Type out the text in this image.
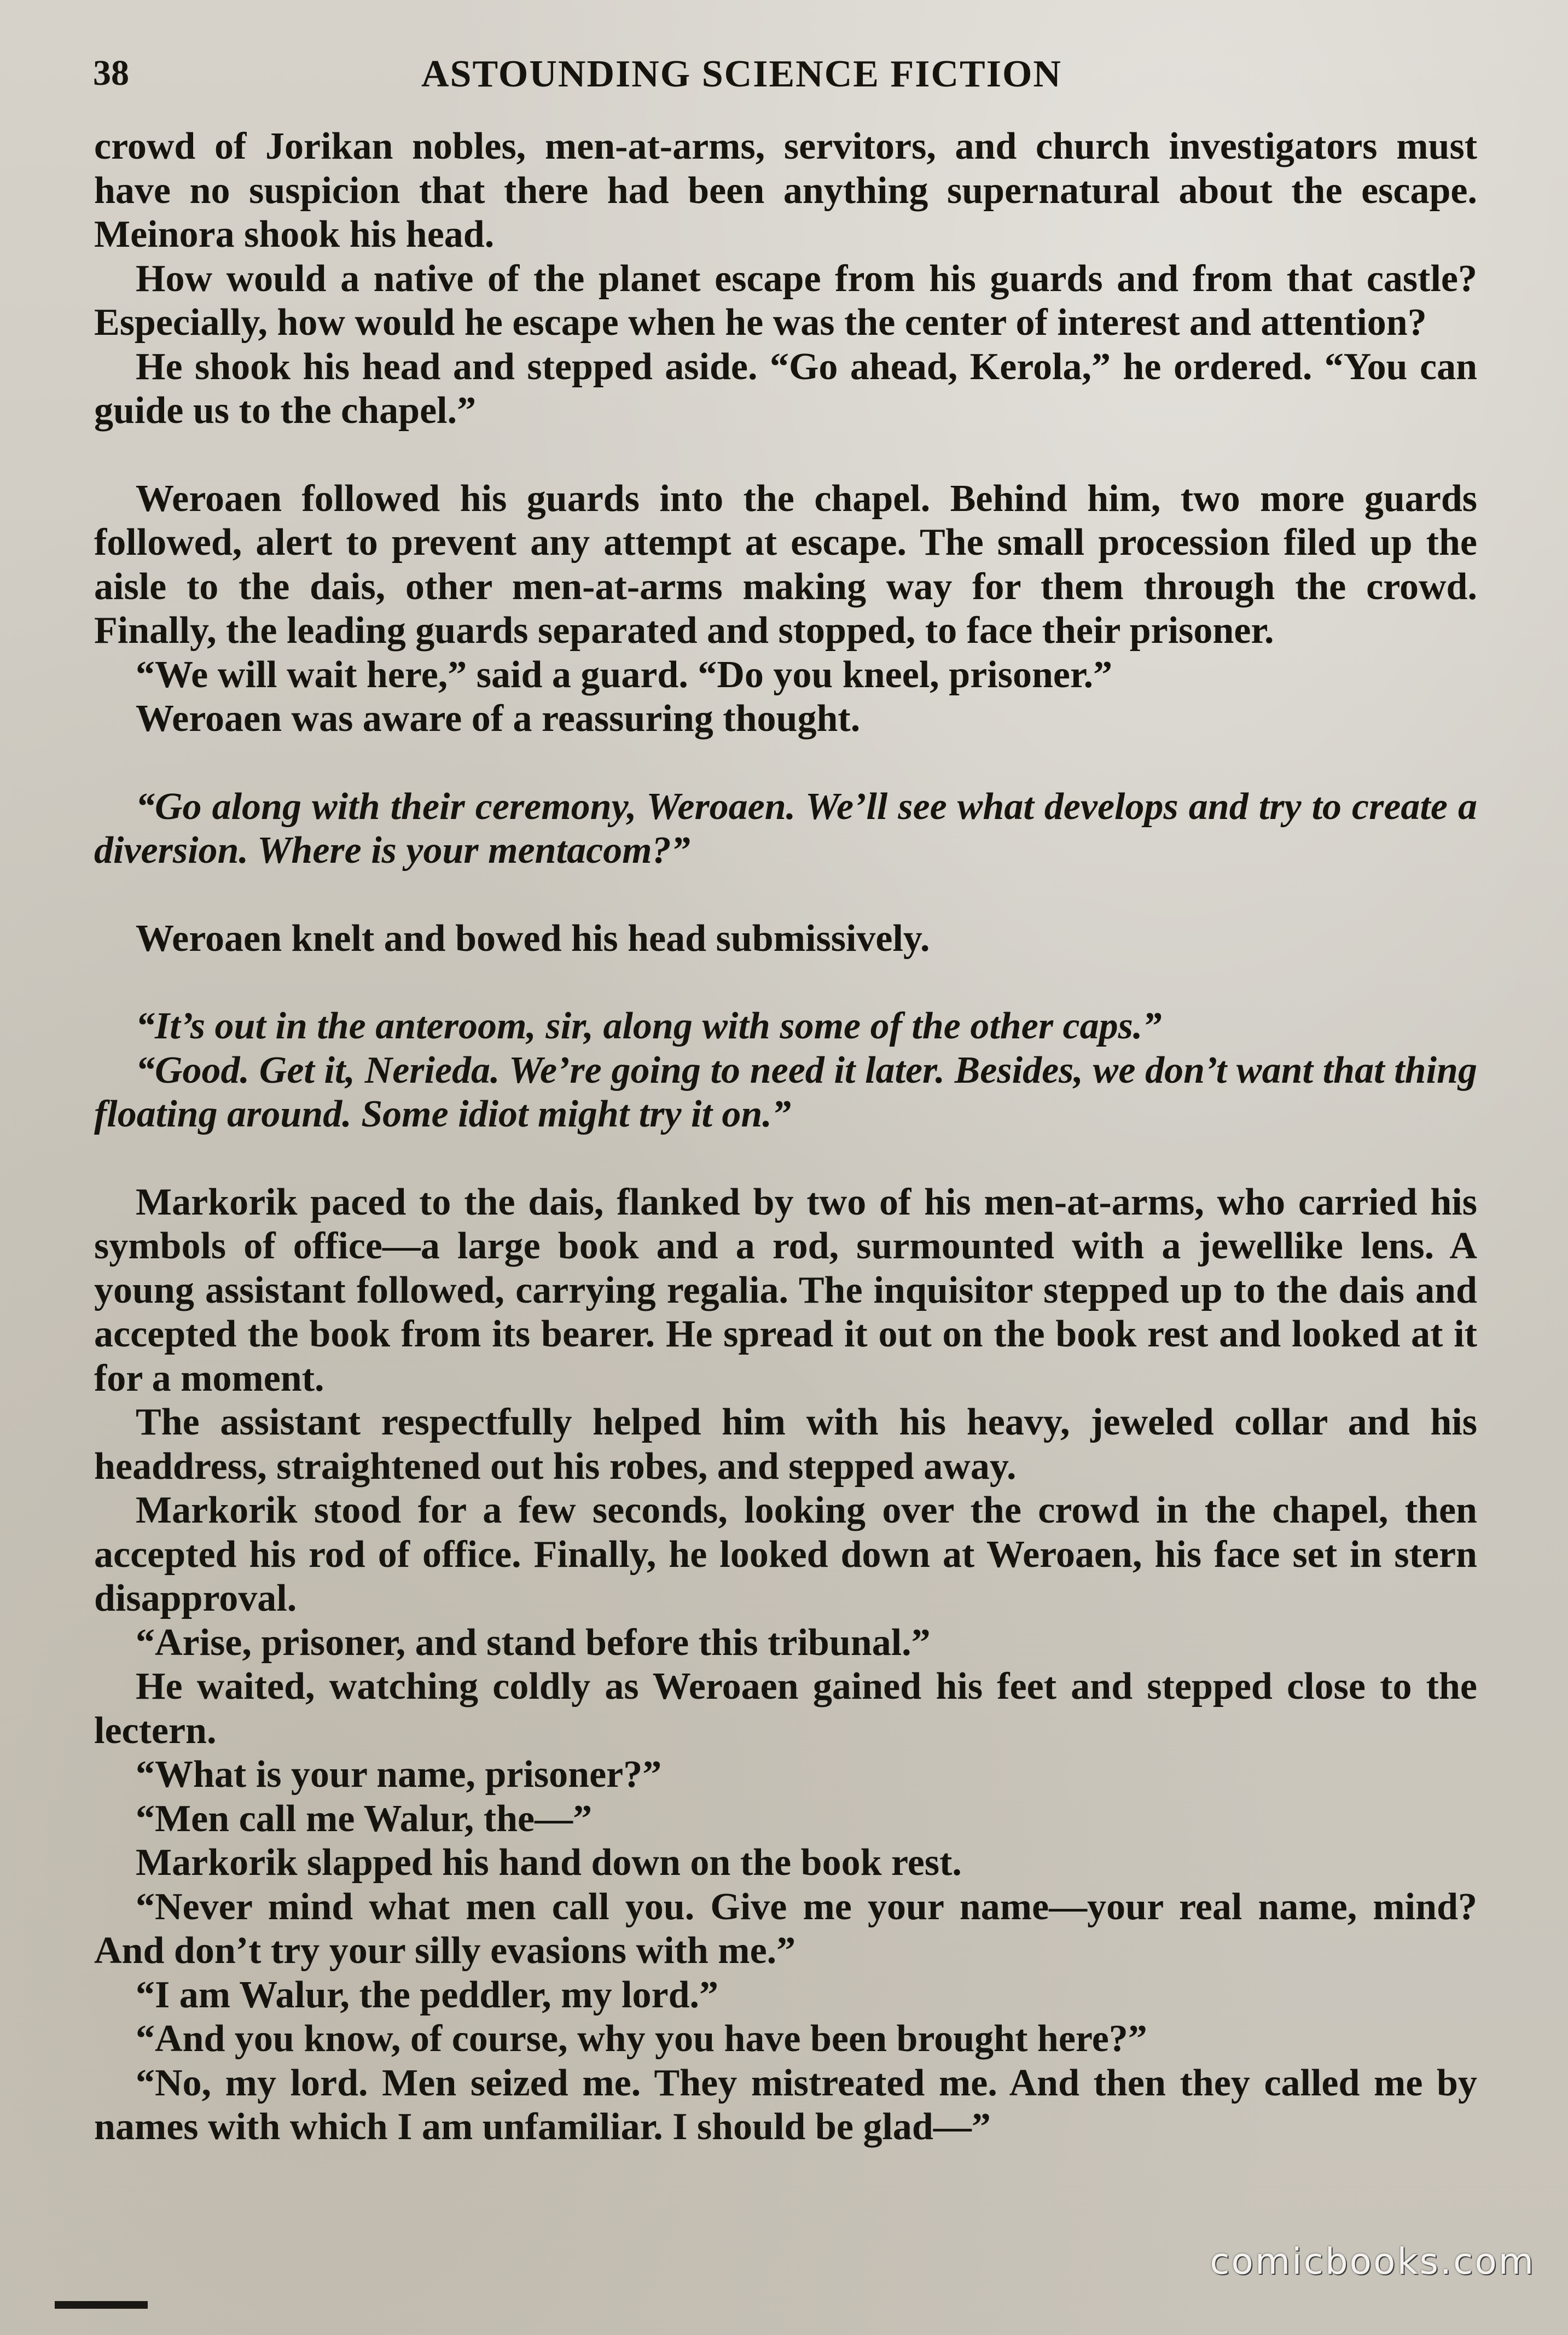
38	ASTOUNDING SCIENCE FICTION

crowd of Jorikan nobles, men-at-arms, servitors, and church investigators must have no suspicion that there had been anything supernatural about the escape. Meinora shook his head.

How would a native of the planet escape from his guards and from that castle? Especially, how would he escape when he was the center of interest and attention?

He shook his head and stepped aside. “Go ahead, Kerola,” he ordered. “You can guide us to the chapel.”

Weroaen followed his guards into the chapel. Behind him, two more guards followed, alert to prevent any attempt at escape. The small procession filed up the aisle to the dais, other men-at-arms making way for them through the crowd. Finally, the leading guards separated and stopped, to face their prisoner.

“We will wait here,” said a guard. “Do you kneel, prisoner.”

Weroaen was aware of a reassuring thought.

“Go along with their ceremony, Weroaen. We’ll see what develops and try to create a diversion. Where is your mentacom?”

Weroaen knelt and bowed his head submissively.

“It’s out in the anteroom, sir, along with some of the other caps.”

“Good. Get it, Nerieda. We’re going to need it later. Besides, we don’t want that thing floating around. Some idiot might try it on.”

Markorik paced to the dais, flanked by two of his men-at-arms, who carried his symbols of office—a large book and a rod, surmounted with a jewellike lens. A young assistant followed, carrying regalia. The inquisitor stepped up to the dais and accepted the book from its bearer. He spread it out on the book rest and looked at it for a moment.

The assistant respectfully helped him with his heavy, jeweled collar and his headdress, straightened out his robes, and stepped away.

Markorik stood for a few seconds, looking over the crowd in the chapel, then accepted his rod of office. Finally, he looked down at Weroaen, his face set in stern disapproval.

“Arise, prisoner, and stand before this tribunal.”

He waited, watching coldly as Weroaen gained his feet and stepped close to the lectern.

“What is your name, prisoner?”

“Men call me Walur, the—”

Markorik slapped his hand down on the book rest.

“Never mind what men call you. Give me your name—your real name, mind? And don’t try your silly evasions with me.”

“I am Walur, the peddler, my lord.”

“And you know, of course, why you have been brought here?”

“No, my lord. Men seized me. They mistreated me. And then they called me by names with which I am unfamiliar. I should be glad—”

comicbooks.com
